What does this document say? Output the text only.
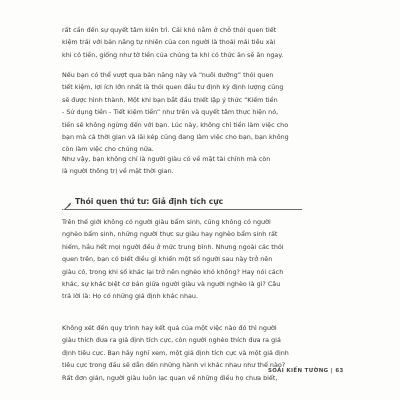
rất cần đến sự quyết tâm kiên trì. Cái khó nằm ở chỗ thói quen tiết
kiệm trái với bản năng tự nhiên của con người là thoải mái tiêu xài
khi có tiền, giống như tờ tiền của chúng ta khi có thức ăn sẽ ăn ngay.
Nếu bạn có thể vượt qua bản năng này và “nuôi dưỡng” thói quen
tiết kiệm, lợi ích lớn nhất là thói quen đầu tư định kỳ định lượng cũng
sẽ được hình thành. Một khi bạn bắt đầu thiết lập ý thức “Kiếm tiền
- Sử dụng tiền - Tiết kiệm tiền” như trên và quyết tâm thực hiện nó,
tiền sẽ không ngừng đến với bạn. Lúc này, không chỉ tiền làm việc cho
bạn mà cả thời gian và lãi kép cũng đang làm việc cho bạn, bạn không
còn làm việc cho chúng nữa.
Như vậy, bạn không chỉ là người giàu có về mặt tài chính mà còn
là người thông trị về mặt thời gian.
Thói quen thứ tư: Giả định tích cực
Trên thế giới không có người giàu bẩm sinh, cũng không có người
nghèo bẩm sinh, những người thực sự giàu hay nghèo bẩm sinh rất
hiếm, hầu hết mọi người đều ở mức trung bình. Nhưng ngoài các thói
quen trên, bạn có biết điều gì khiến một số người sau này trở nên
giàu có, trong khi số khác lại trở nên nghèo khó không? Hay nói cách
khác, sự khác biệt cơ bản giữa người giàu và người nghèo là gì? Câu
trả lời là: Họ có những giả định khác nhau.
Không xét đến quy trình hay kết quả của một việc nào đó thì người
giàu thích đưa ra giả định tích cực, còn người nghèo thích đưa ra giả
định tiêu cực. Bạn hãy nghĩ xem, một giả định tích cực và một giả định
tiêu cực trong đầu sẽ dẫn đến những hành vi khác nhau như thế nào?
Rất đơn giản, người giàu luôn lạc quan về những điều họ chưa biết,
SOÁI KIẾN TƯỜNG | 63
